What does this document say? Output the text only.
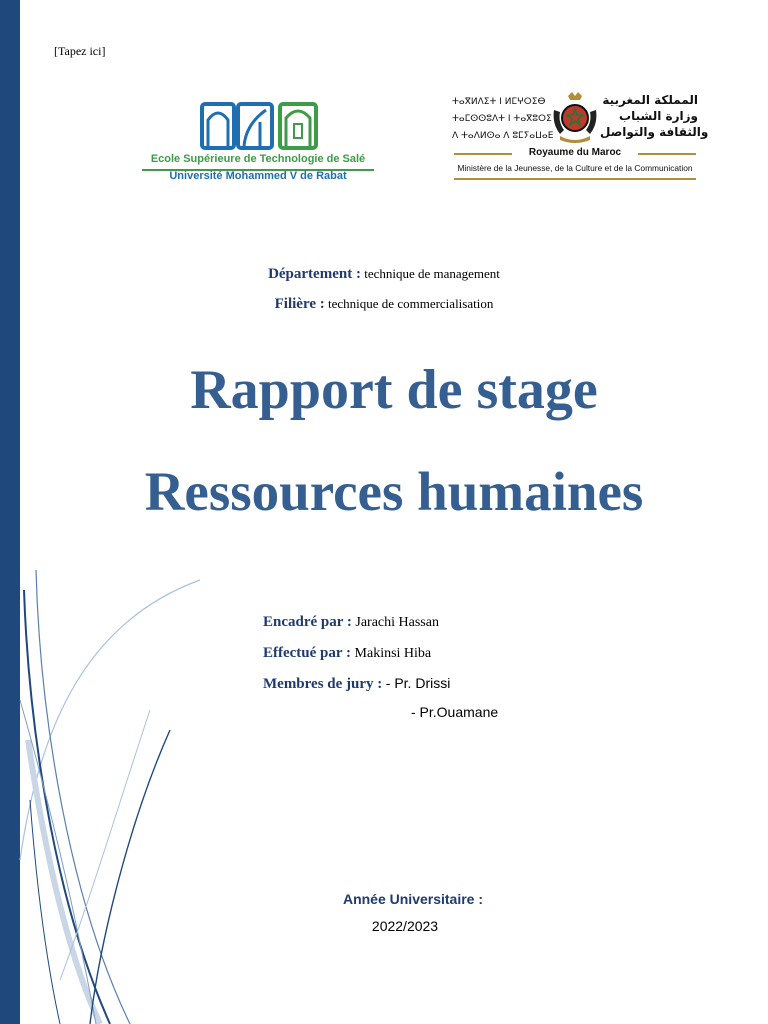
[Tapez ici]
Ecole Supérieure de Technologie de Salé
Université Mohammed V de Rabat
ⵜⴰⴳⵍⴷⵉⵜ ⵏ ⵍⵎⵖⵔⵉⴱ
ⵜⴰⵎⵙⵙⵓⴷⵜ ⵏ ⵜⴰⴳⵓⵔⵉ
ⴷ ⵜⴰⴷⵍⵙⴰ ⴷ ⵓⵎⵢⴰⵡⴰⴹ
المملكة المغربية
وزارة الشباب
والثقافة والتواصل
Royaume du Maroc
Ministère de la Jeunesse, de la Culture et de la Communication
Département : technique de management
Filière : technique de commercialisation
Rapport de stage
Ressources humaines
Encadré par : Jarachi Hassan
Effectué par : Makinsi Hiba
Membres de jury : - Pr. Drissi
- Pr.Ouamane
Année Universitaire :
2022/2023
